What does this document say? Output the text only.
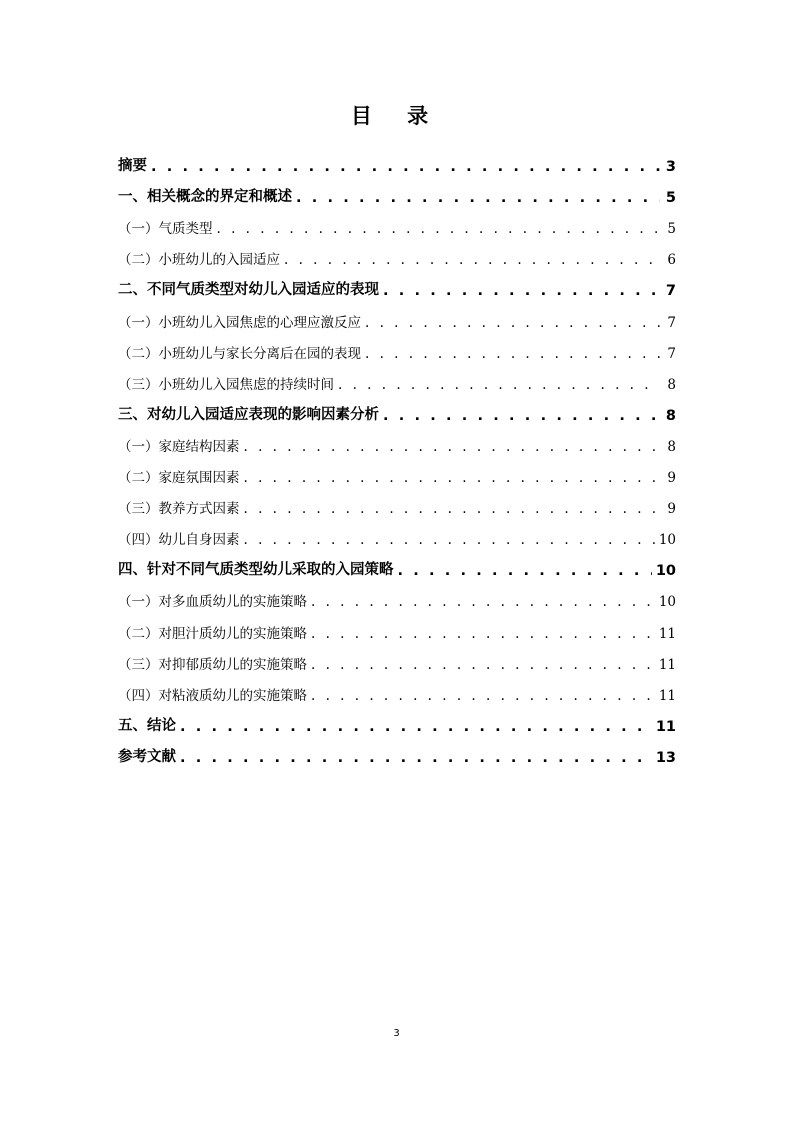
目 录
摘要 . . .	3
一、相关概念的界定和概述 . . .	5
（一）气质类型 . . .	5
（二）小班幼儿的入园适应 . . .	6
二、不同气质类型对幼儿入园适应的表现 . . .	7
（一）小班幼儿入园焦虑的心理应激反应 . . .	7
（二）小班幼儿与家长分离后在园的表现 . . .	7
（三）小班幼儿入园焦虑的持续时间 . . .	8
三、对幼儿入园适应表现的影响因素分析 . . .	8
（一）家庭结构因素 . . .	8
（二）家庭氛围因素 . . .	9
（三）教养方式因素 . . .	9
（四）幼儿自身因素 . . .	10
四、针对不同气质类型幼儿采取的入园策略 . . .	10
（一）对多血质幼儿的实施策略 . . .	10
（二）对胆汁质幼儿的实施策略 . . .	11
（三）对抑郁质幼儿的实施策略 . . .	11
（四）对粘液质幼儿的实施策略 . . .	11
五、结论 . . .	11
参考文献 . . .	13
3
